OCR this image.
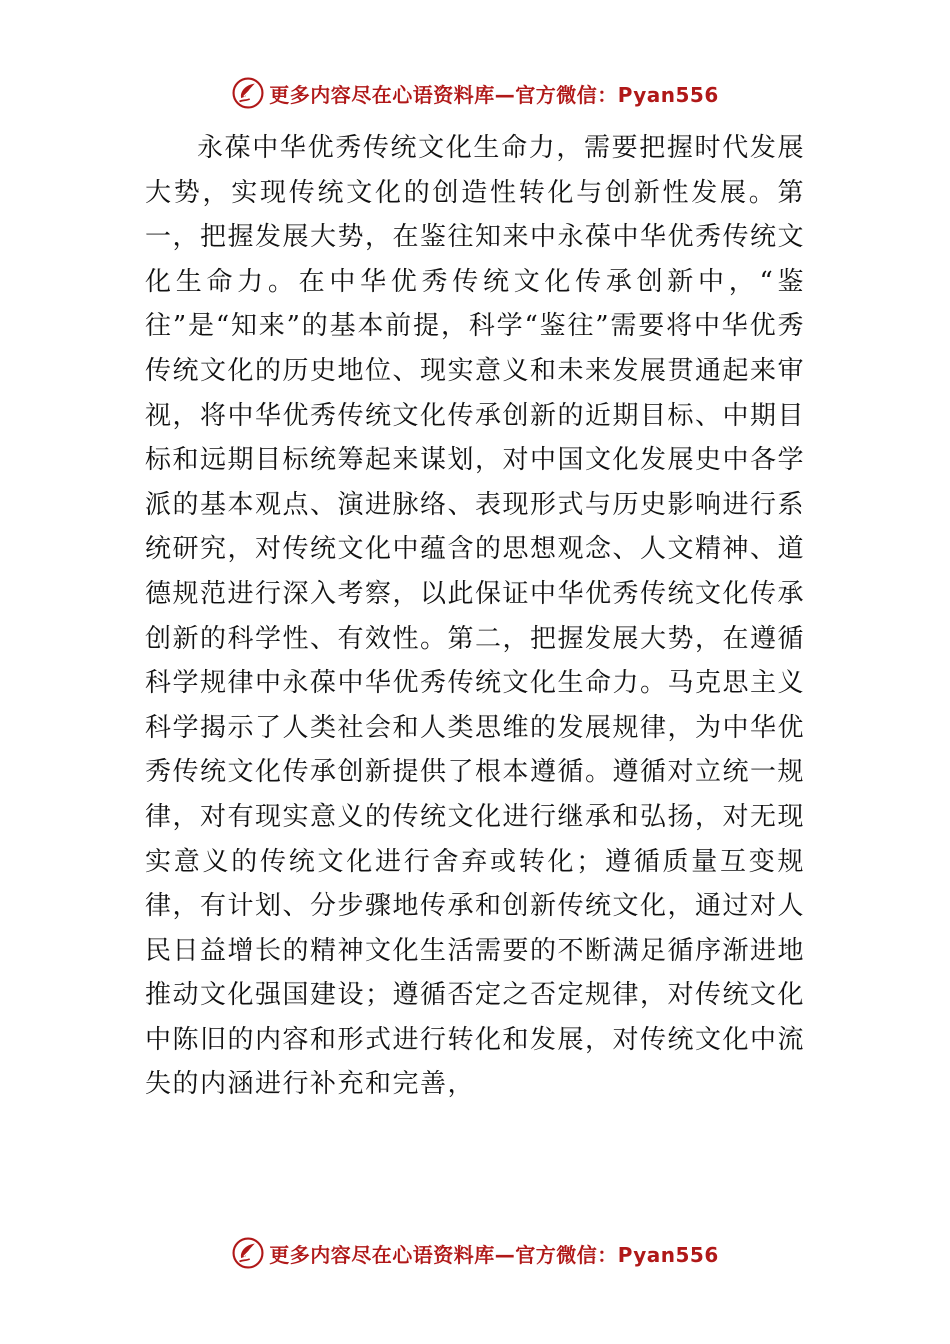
更多内容尽在心语资料库—官方微信：Pyan556

永葆中华优秀传统文化生命力，需要把握时代发展大势，实现传统文化的创造性转化与创新性发展。第一，把握发展大势，在鉴往知来中永葆中华优秀传统文化生命力。在中华优秀传统文化传承创新中，“鉴往”是“知来”的基本前提，科学“鉴往”需要将中华优秀传统文化的历史地位、现实意义和未来发展贯通起来审视，将中华优秀传统文化传承创新的近期目标、中期目标和远期目标统筹起来谋划，对中国文化发展史中各学派的基本观点、演进脉络、表现形式与历史影响进行系统研究，对传统文化中蕴含的思想观念、人文精神、道德规范进行深入考察，以此保证中华优秀传统文化传承创新的科学性、有效性。第二，把握发展大势，在遵循科学规律中永葆中华优秀传统文化生命力。马克思主义科学揭示了人类社会和人类思维的发展规律，为中华优秀传统文化传承创新提供了根本遵循。遵循对立统一规律，对有现实意义的传统文化进行继承和弘扬，对无现实意义的传统文化进行舍弃或转化；遵循质量互变规律，有计划、分步骤地传承和创新传统文化，通过对人民日益增长的精神文化生活需要的不断满足循序渐进地推动文化强国建设；遵循否定之否定规律，对传统文化中陈旧的内容和形式进行转化和发展，对传统文化中流失的内涵进行补充和完善，

更多内容尽在心语资料库—官方微信：Pyan556
